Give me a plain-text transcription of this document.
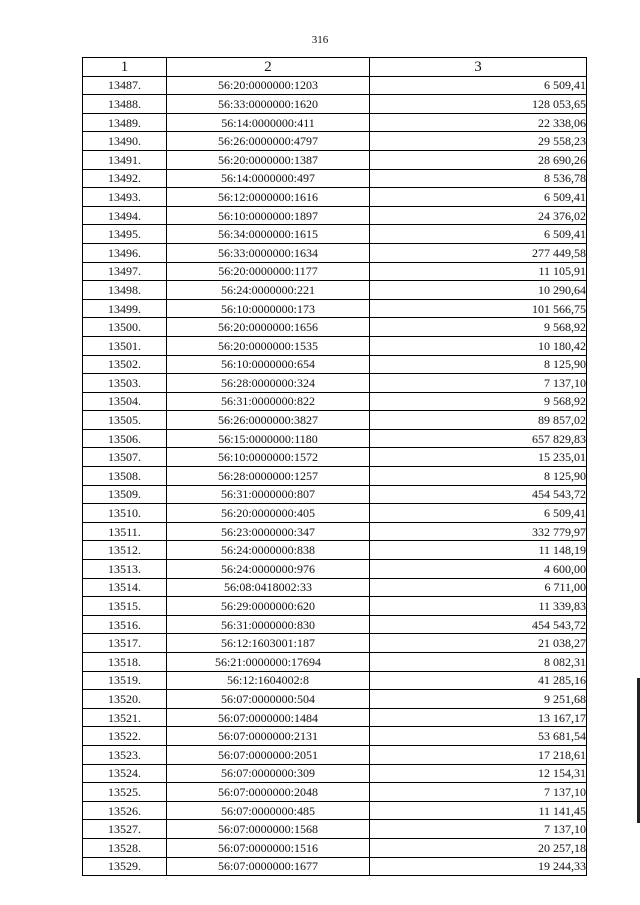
316
1	2	3
13487.	56:20:0000000:1203	6 509,41
13488.	56:33:0000000:1620	128 053,65
13489.	56:14:0000000:411	22 338,06
13490.	56:26:0000000:4797	29 558,23
13491.	56:20:0000000:1387	28 690,26
13492.	56:14:0000000:497	8 536,78
13493.	56:12:0000000:1616	6 509,41
13494.	56:10:0000000:1897	24 376,02
13495.	56:34:0000000:1615	6 509,41
13496.	56:33:0000000:1634	277 449,58
13497.	56:20:0000000:1177	11 105,91
13498.	56:24:0000000:221	10 290,64
13499.	56:10:0000000:173	101 566,75
13500.	56:20:0000000:1656	9 568,92
13501.	56:20:0000000:1535	10 180,42
13502.	56:10:0000000:654	8 125,90
13503.	56:28:0000000:324	7 137,10
13504.	56:31:0000000:822	9 568,92
13505.	56:26:0000000:3827	89 857,02
13506.	56:15:0000000:1180	657 829,83
13507.	56:10:0000000:1572	15 235,01
13508.	56:28:0000000:1257	8 125,90
13509.	56:31:0000000:807	454 543,72
13510.	56:20:0000000:405	6 509,41
13511.	56:23:0000000:347	332 779,97
13512.	56:24:0000000:838	11 148,19
13513.	56:24:0000000:976	4 600,00
13514.	56:08:0418002:33	6 711,00
13515.	56:29:0000000:620	11 339,83
13516.	56:31:0000000:830	454 543,72
13517.	56:12:1603001:187	21 038,27
13518.	56:21:0000000:17694	8 082,31
13519.	56:12:1604002:8	41 285,16
13520.	56:07:0000000:504	9 251,68
13521.	56:07:0000000:1484	13 167,17
13522.	56:07:0000000:2131	53 681,54
13523.	56:07:0000000:2051	17 218,61
13524.	56:07:0000000:309	12 154,31
13525.	56:07:0000000:2048	7 137,10
13526.	56:07:0000000:485	11 141,45
13527.	56:07:0000000:1568	7 137,10
13528.	56:07:0000000:1516	20 257,18
13529.	56:07:0000000:1677	19 244,33
